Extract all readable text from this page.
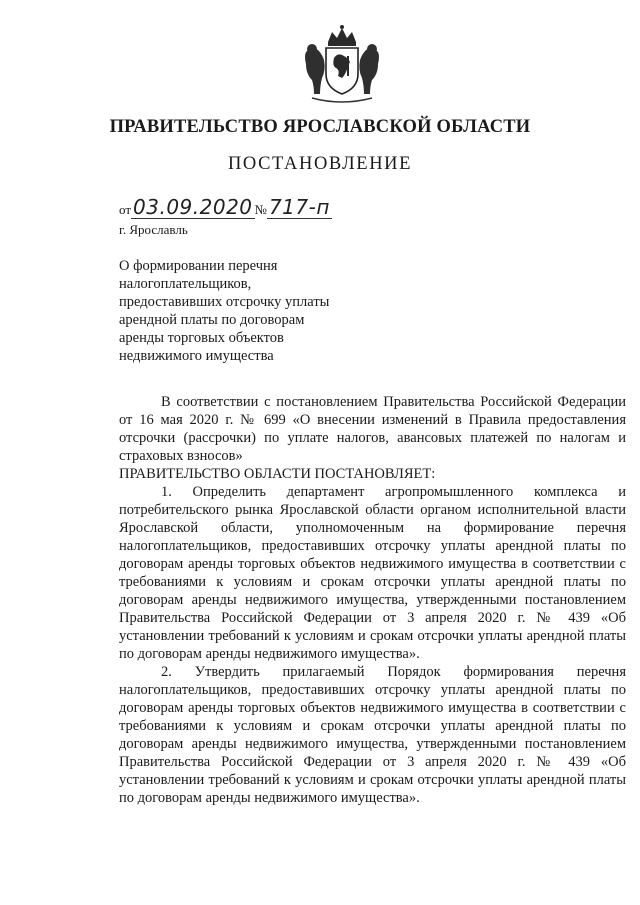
ПРАВИТЕЛЬСТВО ЯРОСЛАВСКОЙ ОБЛАСТИ
ПОСТАНОВЛЕНИЕ
от 03.09.2020 № 717-п
г. Ярославль
О формировании перечня
налогоплательщиков,
предоставивших отсрочку уплаты
арендной платы по договорам
аренды торговых объектов
недвижимого имущества

В соответствии с постановлением Правительства Российской Федерации от 16 мая 2020 г. № 699 «О внесении изменений в Правила предоставления отсрочки (рассрочки) по уплате налогов, авансовых платежей по налогам и страховых взносов»

ПРАВИТЕЛЬСТВО ОБЛАСТИ ПОСТАНОВЛЯЕТ:

1. Определить департамент агропромышленного комплекса и потребительского рынка Ярославской области органом исполнительной власти Ярославской области, уполномоченным на формирование перечня налогоплательщиков, предоставивших отсрочку уплаты арендной платы по договорам аренды торговых объектов недвижимого имущества в соответствии с требованиями к условиям и срокам отсрочки уплаты арендной платы по договорам аренды недвижимого имущества, утвержденными постановлением Правительства Российской Федерации от 3 апреля 2020 г. № 439 «Об установлении требований к условиям и срокам отсрочки уплаты арендной платы по договорам аренды недвижимого имущества».

2. Утвердить прилагаемый Порядок формирования перечня налогоплательщиков, предоставивших отсрочку уплаты арендной платы по договорам аренды торговых объектов недвижимого имущества в соответствии с требованиями к условиям и срокам отсрочки уплаты арендной платы по договорам аренды недвижимого имущества, утвержденными постановлением Правительства Российской Федерации от 3 апреля 2020 г. № 439 «Об установлении требований к условиям и срокам отсрочки уплаты арендной платы по договорам аренды недвижимого имущества».
